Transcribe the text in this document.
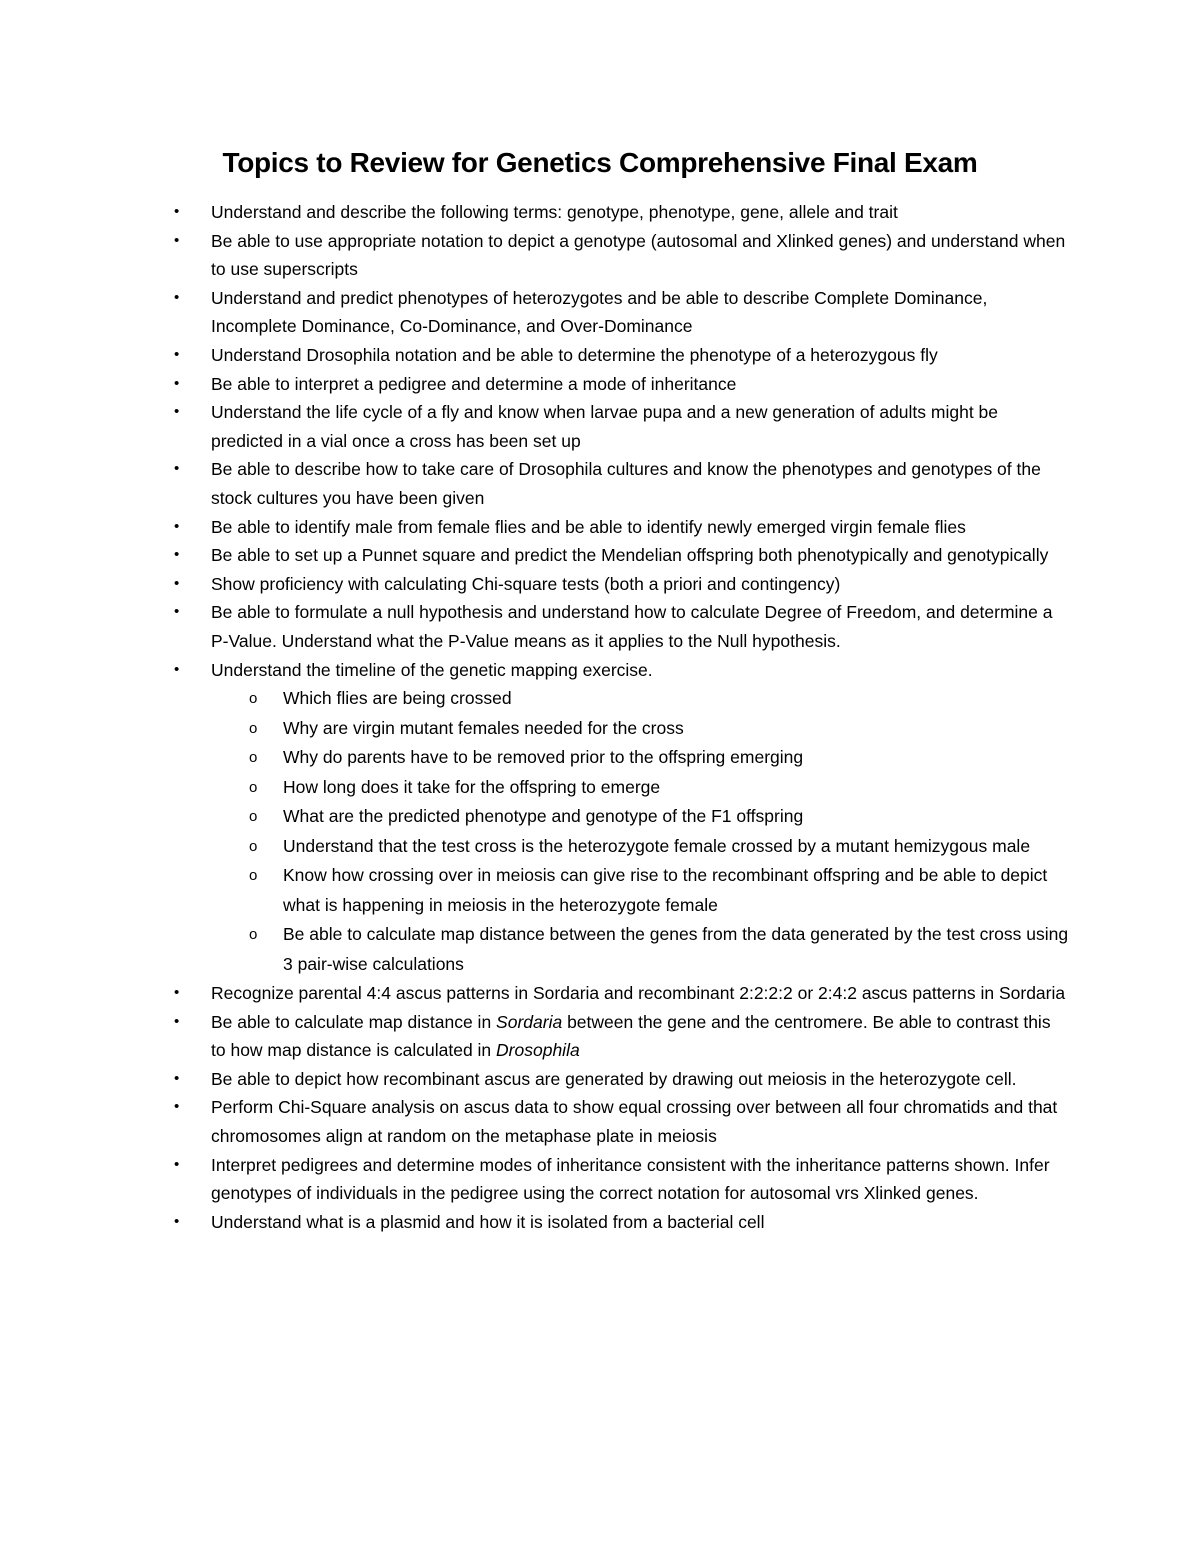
Topics to Review for Genetics Comprehensive Final Exam
• Understand and describe the following terms: genotype, phenotype, gene, allele and trait
• Be able to use appropriate notation to depict a genotype (autosomal and Xlinked genes) and understand when to use superscripts
• Understand and predict phenotypes of heterozygotes and be able to describe Complete Dominance, Incomplete Dominance, Co-Dominance, and Over-Dominance
• Understand Drosophila notation and be able to determine the phenotype of a heterozygous fly
• Be able to interpret a pedigree and determine a mode of inheritance
• Understand the life cycle of a fly and know when larvae pupa and a new generation of adults might be predicted in a vial once a cross has been set up
• Be able to describe how to take care of Drosophila cultures and know the phenotypes and genotypes of the stock cultures you have been given
• Be able to identify male from female flies and be able to identify newly emerged virgin female flies
• Be able to set up a Punnet square and predict the Mendelian offspring both phenotypically and genotypically
• Show proficiency with calculating Chi-square tests (both a priori and contingency)
• Be able to formulate a null hypothesis and understand how to calculate Degree of Freedom, and determine a P-Value. Understand what the P-Value means as it applies to the Null hypothesis.
• Understand the timeline of the genetic mapping exercise.
o Which flies are being crossed
o Why are virgin mutant females needed for the cross
o Why do parents have to be removed prior to the offspring emerging
o How long does it take for the offspring to emerge
o What are the predicted phenotype and genotype of the F1 offspring
o Understand that the test cross is the heterozygote female crossed by a mutant hemizygous male
o Know how crossing over in meiosis can give rise to the recombinant offspring and be able to depict what is happening in meiosis in the heterozygote female
o Be able to calculate map distance between the genes from the data generated by the test cross using 3 pair-wise calculations
• Recognize parental 4:4 ascus patterns in Sordaria and recombinant 2:2:2:2 or 2:4:2 ascus patterns in Sordaria
• Be able to calculate map distance in Sordaria between the gene and the centromere. Be able to contrast this to how map distance is calculated in Drosophila
• Be able to depict how recombinant ascus are generated by drawing out meiosis in the heterozygote cell.
• Perform Chi-Square analysis on ascus data to show equal crossing over between all four chromatids and that chromosomes align at random on the metaphase plate in meiosis
• Interpret pedigrees and determine modes of inheritance consistent with the inheritance patterns shown. Infer genotypes of individuals in the pedigree using the correct notation for autosomal vrs Xlinked genes.
• Understand what is a plasmid and how it is isolated from a bacterial cell
